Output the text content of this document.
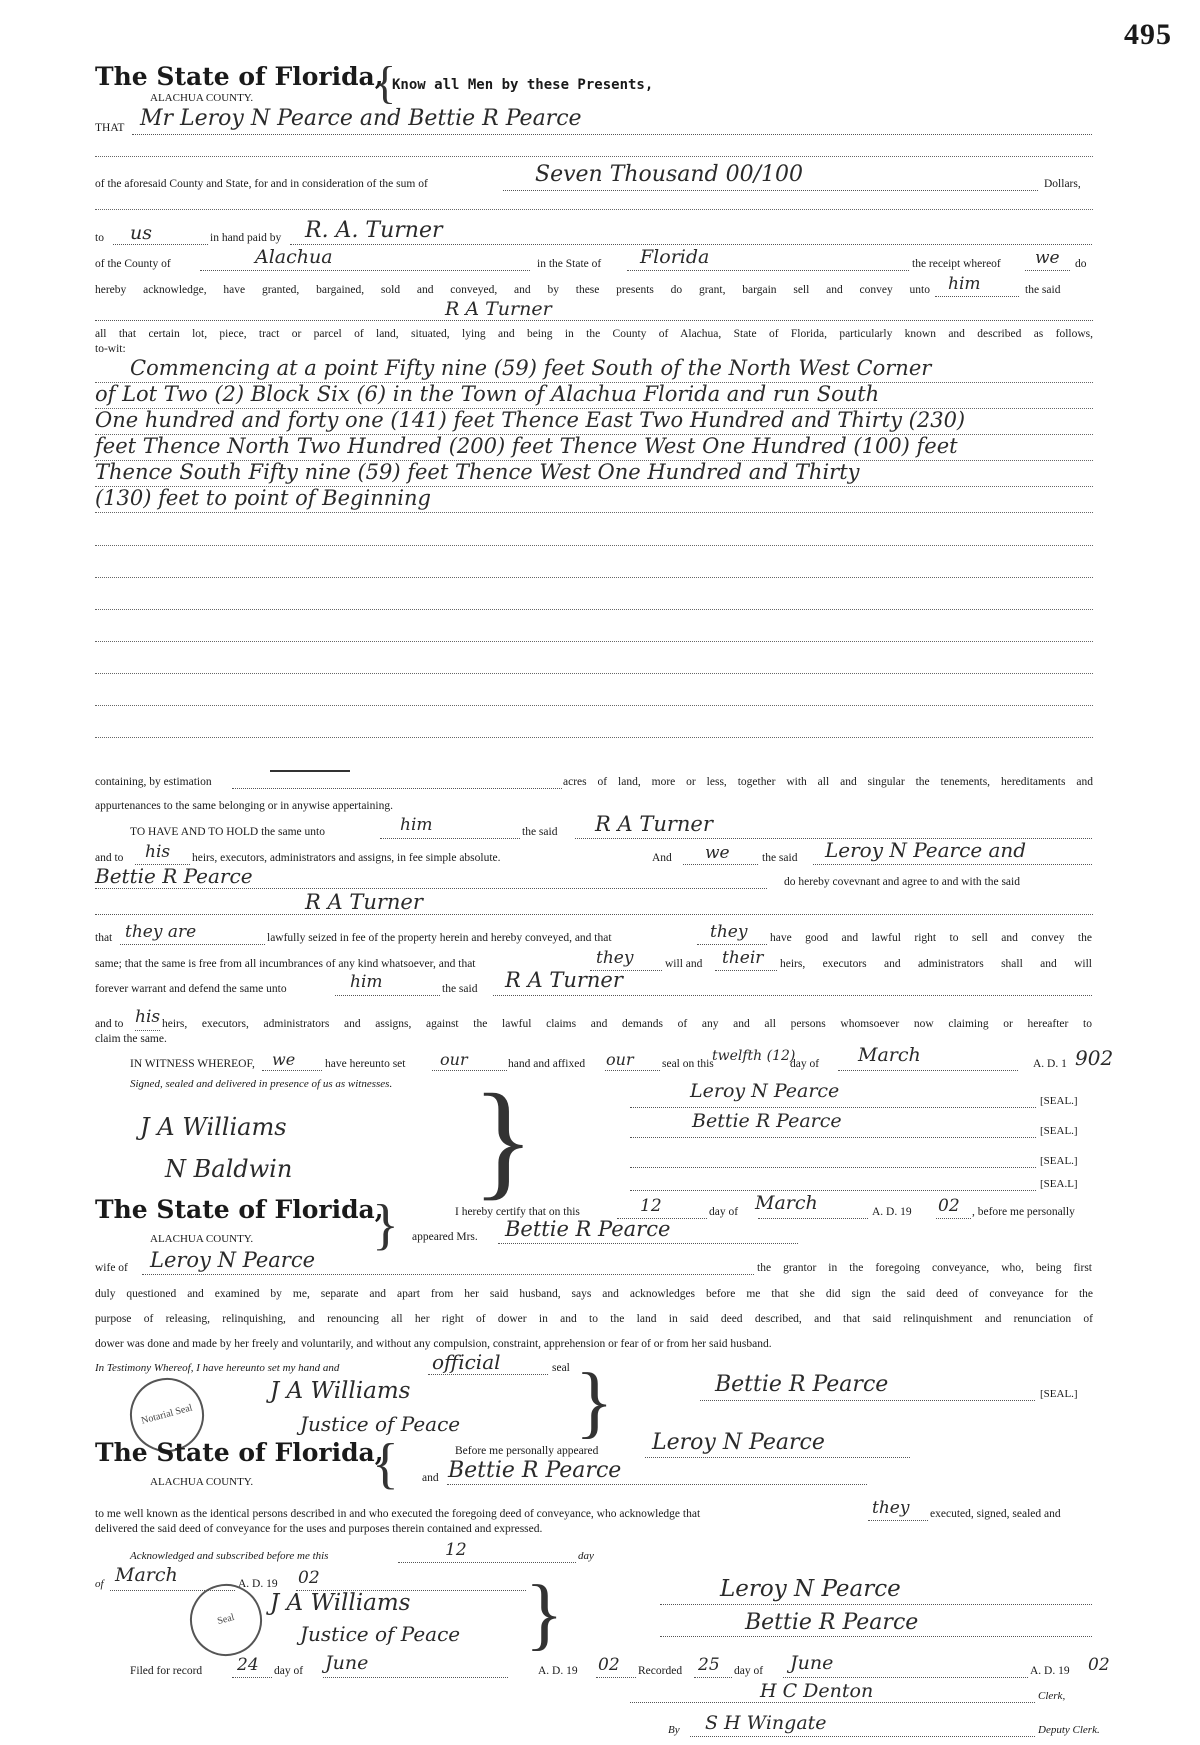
495
The State of Florida,
ALACHUA COUNTY.	{
Know all Men by these Presents,
THAT Mr Leroy N Pearce and Bettie R Pearce
of the aforesaid County and State, for and in consideration of the sum of	Seven Thousand 00/100	Dollars,
to us	in hand paid by R. A. Turner
of the County of	Alachua	in the State of Florida	the receipt whereof we do
hereby acknowledge, have granted, bargained, sold and conveyed, and by these presents do grant, bargain sell and convey unto him	the said
R A Turner
all that certain lot, piece, tract or parcel of land, situated, lying and being in the County of Alachua, State of Florida, particularly known and described as follows,
to-wit:
Commencing at a point Fifty nine (59) feet South of the North West Corner
of Lot Two (2) Block Six (6) in the Town of Alachua Florida and run South
One hundred and forty one (141) feet Thence East Two Hundred and Thirty (230)
feet Thence North Two Hundred (200) feet Thence West One Hundred (100) feet
Thence South Fifty nine (59) feet Thence West One Hundred and Thirty
(130) feet to point of Beginning
containing, by estimation	acres of land, more or less, together with all and singular the tenements, hereditaments and
appurtenances to the same belonging or in anywise appertaining.
TO HAVE AND TO HOLD the same unto	him	the said R A Turner
and to his heirs, executors, administrators and assigns, in fee simple absolute.	And we	the said Leroy N Pearce and
Bettie R Pearce	do hereby covevnant and agree to and with the said
R A Turner
that they are	lawfully seized in fee of the property herein and hereby conveyed, and that	they have good and lawful right to sell and convey the
same; that the same is free from all incumbrances of any kind whatsoever, and that	they	will and their heirs, executors and administrators shall and will
forever warrant and defend the same unto	him	the said R A Turner
and to his heirs, executors, administrators and assigns, against the lawful claims and demands of any and all persons whomsoever now claiming or hereafter to
claim the same.
IN WITNESS WHEREOF, we	have hereunto set our	hand and affixed our seal on this
twelfth (12)
day of March	A. D. 1 902
Signed, sealed and delivered in presence of us as witnesses.
J A Williams
N Baldwin }	Leroy N Pearce	[SEAL.]
Bettie R Pearce	[SEAL.]
[SEAL.]
[SEA.L]
The State of Florida,
ALACHUA COUNTY. }	I hereby certify that on this	12	day of March	A. D. 19 02 , before me personally
appeared Mrs. Bettie R Pearce
wife of Leroy N Pearce	the grantor in the foregoing conveyance, who, being first
duly questioned and examined by me, separate and apart from her said husband, says and acknowledges before me that she did sign the said deed of conveyance for the
purpose of releasing, relinquishing, and renouncing all her right of dower in and to the land in said deed described, and that said relinquishment and renunciation of
dower was done and made by her freely and voluntarily, and without any compulsion, constraint, apprehension or fear of or from her said husband.
In Testimony Whereof, I have hereunto set my hand and	official	seal
Notarial Seal
J A Williams
Justice of Peace }	Bettie R Pearce	[SEAL.]
The State of Florida,
ALACHUA COUNTY. {	Before me personally appeared Leroy N Pearce
and Bettie R Pearce
to me well known as the identical persons described in and who executed the foregoing deed of conveyance, who acknowledge that	they executed, signed, sealed and
delivered the said deed of conveyance for the uses and purposes therein contained and expressed.
Acknowledged and subscribed before me this	12	day
of March	A. D. 19 02
Seal
J A Williams
Justice of Peace }	Leroy N Pearce
Bettie R Pearce
Filed for record 24 day of June	A. D. 19 02 Recorded 25 day of June	A. D. 19 02
H C Denton	Clerk,
By S H Wingate	Deputy Clerk.
